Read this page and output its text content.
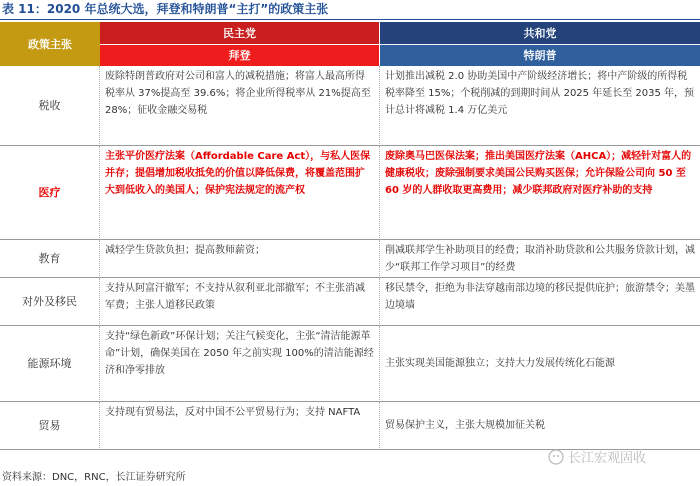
表 11：2020 年总统大选，拜登和特朗普“主打”的政策主张
政策主张
民主党	共和党
拜登	特朗普
税收
废除特朗普政府对公司和富人的减税措施；将富人最高所得税率从 37%提高至 39.6%；将企业所得税率从 21%提高至 28%；征收金融交易税
计划推出减税 2.0 协助美国中产阶级经济增长；将中产阶级的所得税税率降至 15%；个税削减的到期时间从 2025 年延长至 2035 年，预计总计将减税 1.4 万亿美元
医疗
主张平价医疗法案（Affordable Care Act），与私人医保并存；提倡增加税收抵免的价值以降低保费，将覆盖范围扩大到低收入的美国人；保护宪法规定的流产权
废除奥马巴医保法案；推出美国医疗法案（AHCA）；减轻针对富人的健康税收；废除强制要求美国公民购买医保；允许保险公司向 50 至 60 岁的人群收取更高费用；减少联邦政府对医疗补助的支持
教育
减轻学生贷款负担；提高教师薪资；	削减联邦学生补助项目的经费；取消补助贷款和公共服务贷款计划，减少“联邦工作学习项目”的经费
对外及移民
支持从阿富汗撤军；不支持从叙利亚北部撤军；不主张消减军费；主张人道移民政策
移民禁令，拒绝为非法穿越南部边境的移民提供庇护；旅游禁令；美墨边境墙
能源环境
支持“绿色新政”环保计划；关注气候变化，主张“清洁能源革命”计划，确保美国在 2050 年之前实现 100%的清洁能源经济和净零排放
主张实现美国能源独立；支持大力发展传统化石能源
贸易
支持现有贸易法，反对中国不公平贸易行为；支持 NAFTA
贸易保护主义，主张大规模加征关税
长江宏观固收
资料来源：DNC，RNC，长江证券研究所
